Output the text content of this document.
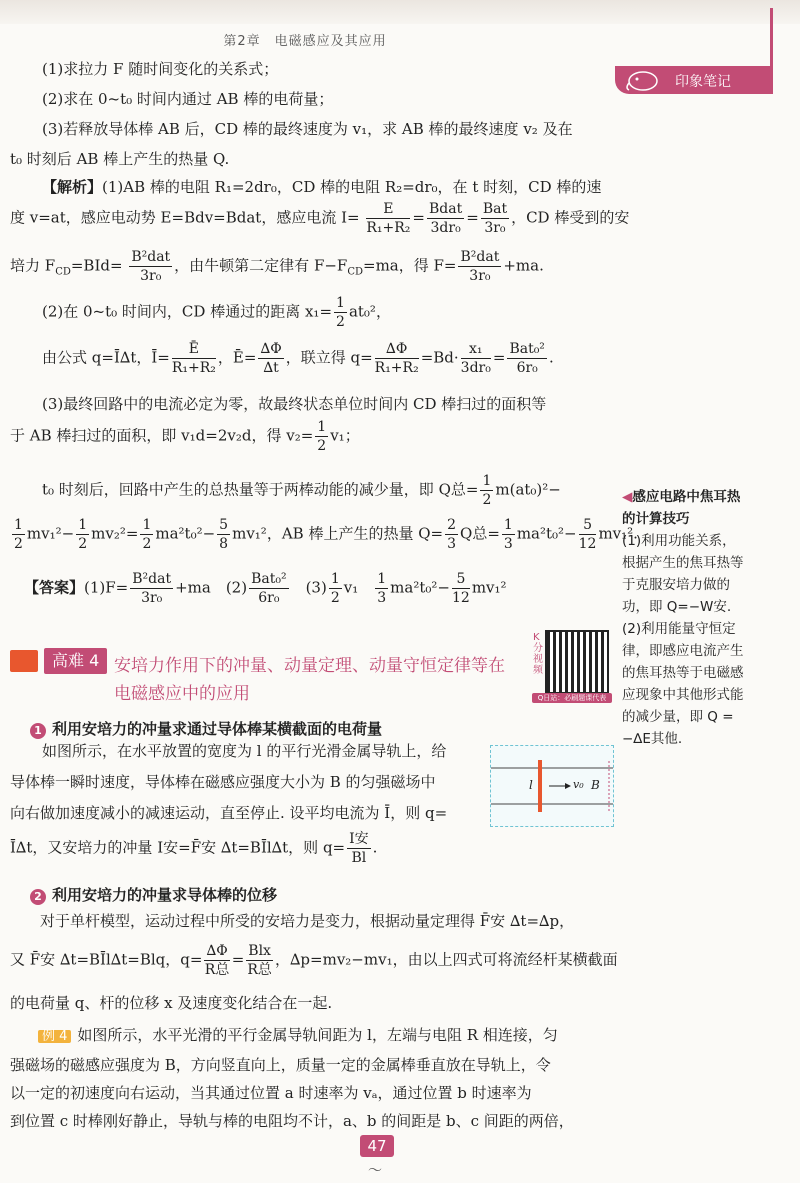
第2章　电磁感应及其应用
印象笔记
(1)求拉力 F 随时间变化的关系式；
(2)求在 0~t₀ 时间内通过 AB 棒的电荷量；
(3)若释放导体棒 AB 后，CD 棒的最终速度为 v₁，求 AB 棒的最终速度 v₂ 及在
t₀ 时刻后 AB 棒上产生的热量 Q.
【解析】(1)AB 棒的电阻 R₁=2dr₀，CD 棒的电阻 R₂=dr₀，在 t 时刻，CD 棒的速
度 v=at，感应电动势 E=Bdv=Bdat，感应电流 $I= \frac{E}{\text{R₁+R₂}} = \frac{\text{Bdat}}{\text{3dr₀}} = \frac{\text{Bat}}{\text{3r₀}}$ ，CD 棒受到的安
培力 $F_{CD}=BId= \frac{\text{B²dat}}{\text{3r₀}}$ ，由牛顿第二定律有 $F-F_{CD}=ma$，得 $F= \frac{\text{B²dat}}{\text{3r₀}} +ma$.
(2)在 0~t₀ 时间内，CD 棒通过的距离 $x_1= \frac{1}{2} at_0^2$，
由公式 q=Ī∆t，Ī= $\frac{Ē}{\text{R₁+R₂}}$ ，Ē= $\frac{\Delta\Phi}{\Delta t}$ ，联立得 $q= \frac{\Delta\Phi}{\text{R₁+R₂}} =Bd\cdot \frac{\text{x₁}}{\text{3dr₀}} = \frac{\text{Bat₀²}}{\text{6r₀}}$ .
(3)最终回路中的电流必定为零，故最终状态单位时间内 CD 棒扫过的面积等
于 AB 棒扫过的面积，即 v₁d=2v₂d，得 $v_2= \frac{1}{2} v_1$；
t₀ 时刻后，回路中产生的总热量等于两棒动能的减少量，即 Q总= $\frac{1}{2} m(at_0)^2-$
$\frac{1}{2} mv_1^2- \frac{1}{2} mv_2^2= \frac{1}{2} ma^2t_0^2- \frac{5}{8} mv_1^2$，AB 棒上产生的热量 $Q= \frac{2}{3}$ Q总= $\frac{1}{3} ma^2t_0^2- \frac{5}{12} mv_1^2$.
【答案】$(1)F= \frac{\text{B²dat}}{\text{3r₀}} +ma$　$(2) \frac{\text{Bat₀²}}{\text{6r₀}}$ 　$(3) \frac{1}{2} v_1$　 $\frac{1}{3} ma^2t_0^2- \frac{5}{12} mv_1^2$
高难 4 安培力作用下的冲量、动量定理、动量守恒定律等在
电磁感应中的应用
K分视频
Q日站：必刷题课代表
1 利用安培力的冲量求通过导体棒某横截面的电荷量
如图所示，在水平放置的宽度为 l 的平行光滑金属导轨上，给
导体棒一瞬时速度，导体棒在磁感应强度大小为 B 的匀强磁场中
向右做加速度减小的减速运动，直至停止. 设平均电流为 Ī，则 q=
Ī∆t，又安培力的冲量 I安=F̄安 ∆t=BĪl∆t，则 $q= \frac{\text{I安}}{Bl}$ .
l	v₀ B
2 利用安培力的冲量求导体棒的位移
对于单杆模型，运动过程中所受的安培力是变力，根据动量定理得 F̄安 ∆t=∆p，
又 F̄安 ∆t=BĪl∆t=Blq，$q= \frac{\Delta\Phi}{\text{R总}} = \frac{\text{Blx}}{\text{R总}}$ ，∆p=mv₂−mv₁，由以上四式可将流经杆某横截面
的电荷量 q、杆的位移 x 及速度变化结合在一起.
例 4 如图所示，水平光滑的平行金属导轨间距为 l，左端与电阻 R 相连接，匀
强磁场的磁感应强度为 B，方向竖直向上，质量一定的金属棒垂直放在导轨上，令
以一定的初速度向右运动，当其通过位置 a 时速率为 vₐ，通过位置 b 时速率为
到位置 c 时棒刚好静止，导轨与棒的电阻均不计，a、b 的间距是 b、c 间距的两倍，
◀感应电路中焦耳热
的计算技巧
(1)利用功能关系，
根据产生的焦耳热等
于克服安培力做的
功，即 Q=−W安.
(2)利用能量守恒定
律，即感应电流产生
的焦耳热等于电磁感
应现象中其他形式能
的减少量，即 Q =
−∆E其他.
47
〜
